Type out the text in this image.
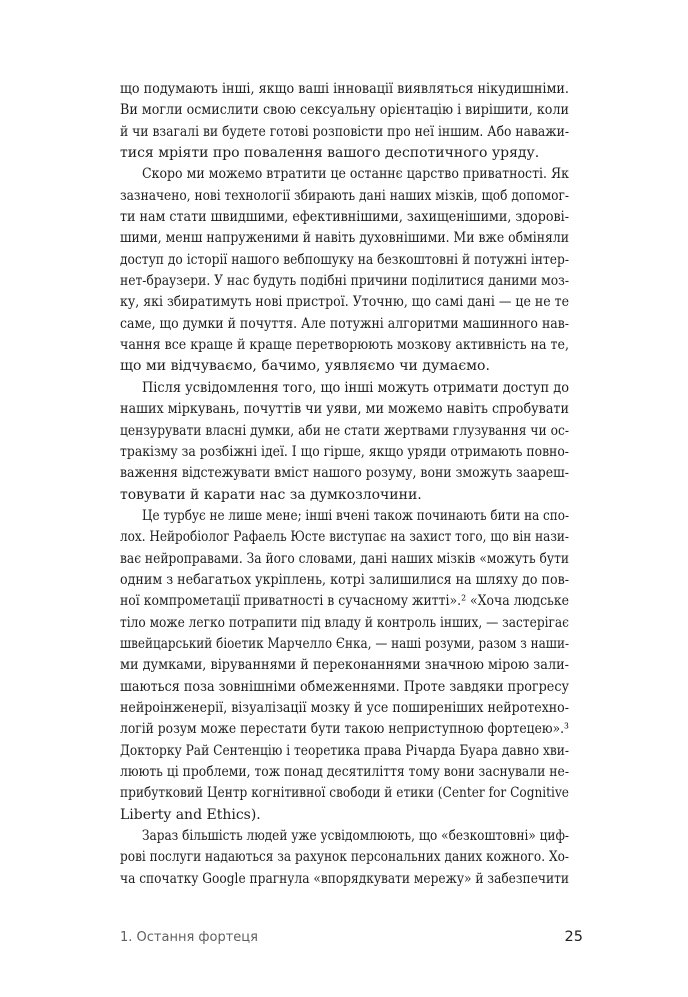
що подумають інші, якщо ваші інновації виявляться нікудишніми.
Ви могли осмислити свою сексуальну орієнтацію і вирішити, коли
й чи взагалі ви будете готові розповісти про неї іншим. Або наважи-
тися мріяти про повалення вашого деспотичного уряду.
Скоро ми можемо втратити це останнє царство приватності. Як
зазначено, нові технології збирають дані наших мізків, щоб допомог-
ти нам стати швидшими, ефективнішими, захищенішими, здорові-
шими, менш напруженими й навіть духовнішими. Ми вже обміняли
доступ до історії нашого вебпошуку на безкоштовні й потужні інтер-
нет-браузери. У нас будуть подібні причини поділитися даними моз-
ку, які збиратимуть нові пристрої. Уточню, що самі дані — це не те
саме, що думки й почуття. Але потужні алгоритми машинного нав-
чання все краще й краще перетворюють мозкову активність на те,
що ми відчуваємо, бачимо, уявляємо чи думаємо.
Після усвідомлення того, що інші можуть отримати доступ до
наших міркувань, почуттів чи уяви, ми можемо навіть спробувати
цензурувати власні думки, аби не стати жертвами глузування чи ос-
тракізму за розбіжні ідеї. І що гірше, якщо уряди отримають повно-
важення відстежувати вміст нашого розуму, вони зможуть заареш-
товувати й карати нас за думкозлочини.
Це турбує не лише мене; інші вчені також починають бити на спо-
лох. Нейробіолог Рафаель Юсте виступає на захист того, що він нази-
ває нейроправами. За його словами, дані наших мізків «можуть бути
одним з небагатьох укріплень, котрі залишилися на шляху до пов-
ної компрометації приватності в сучасному житті».² «Хоча людське
тіло може легко потрапити під владу й контроль інших, — застерігає
швейцарський біоетик Марчелло Єнка, — наші розуми, разом з наши-
ми думками, віруваннями й переконаннями значною мірою зали-
шаються поза зовнішніми обмеженнями. Проте завдяки прогресу
нейроінженерії, візуалізації мозку й усе поширеніших нейротехно-
логій розум може перестати бути такою неприступною фортецею».³
Докторку Рай Сентенцію і теоретика права Річарда Буара давно хви-
люють ці проблеми, тож понад десятиліття тому вони заснували не-
прибутковий Центр когнітивної свободи й етики (Center for Cognitive
Liberty and Ethics).
Зараз більшість людей уже усвідомлюють, що «безкоштовні» циф-
рові послуги надаються за рахунок персональних даних кожного. Хо-
ча спочатку Google прагнула «впорядкувати мережу» й забезпечити
1. Остання фортеця	25
